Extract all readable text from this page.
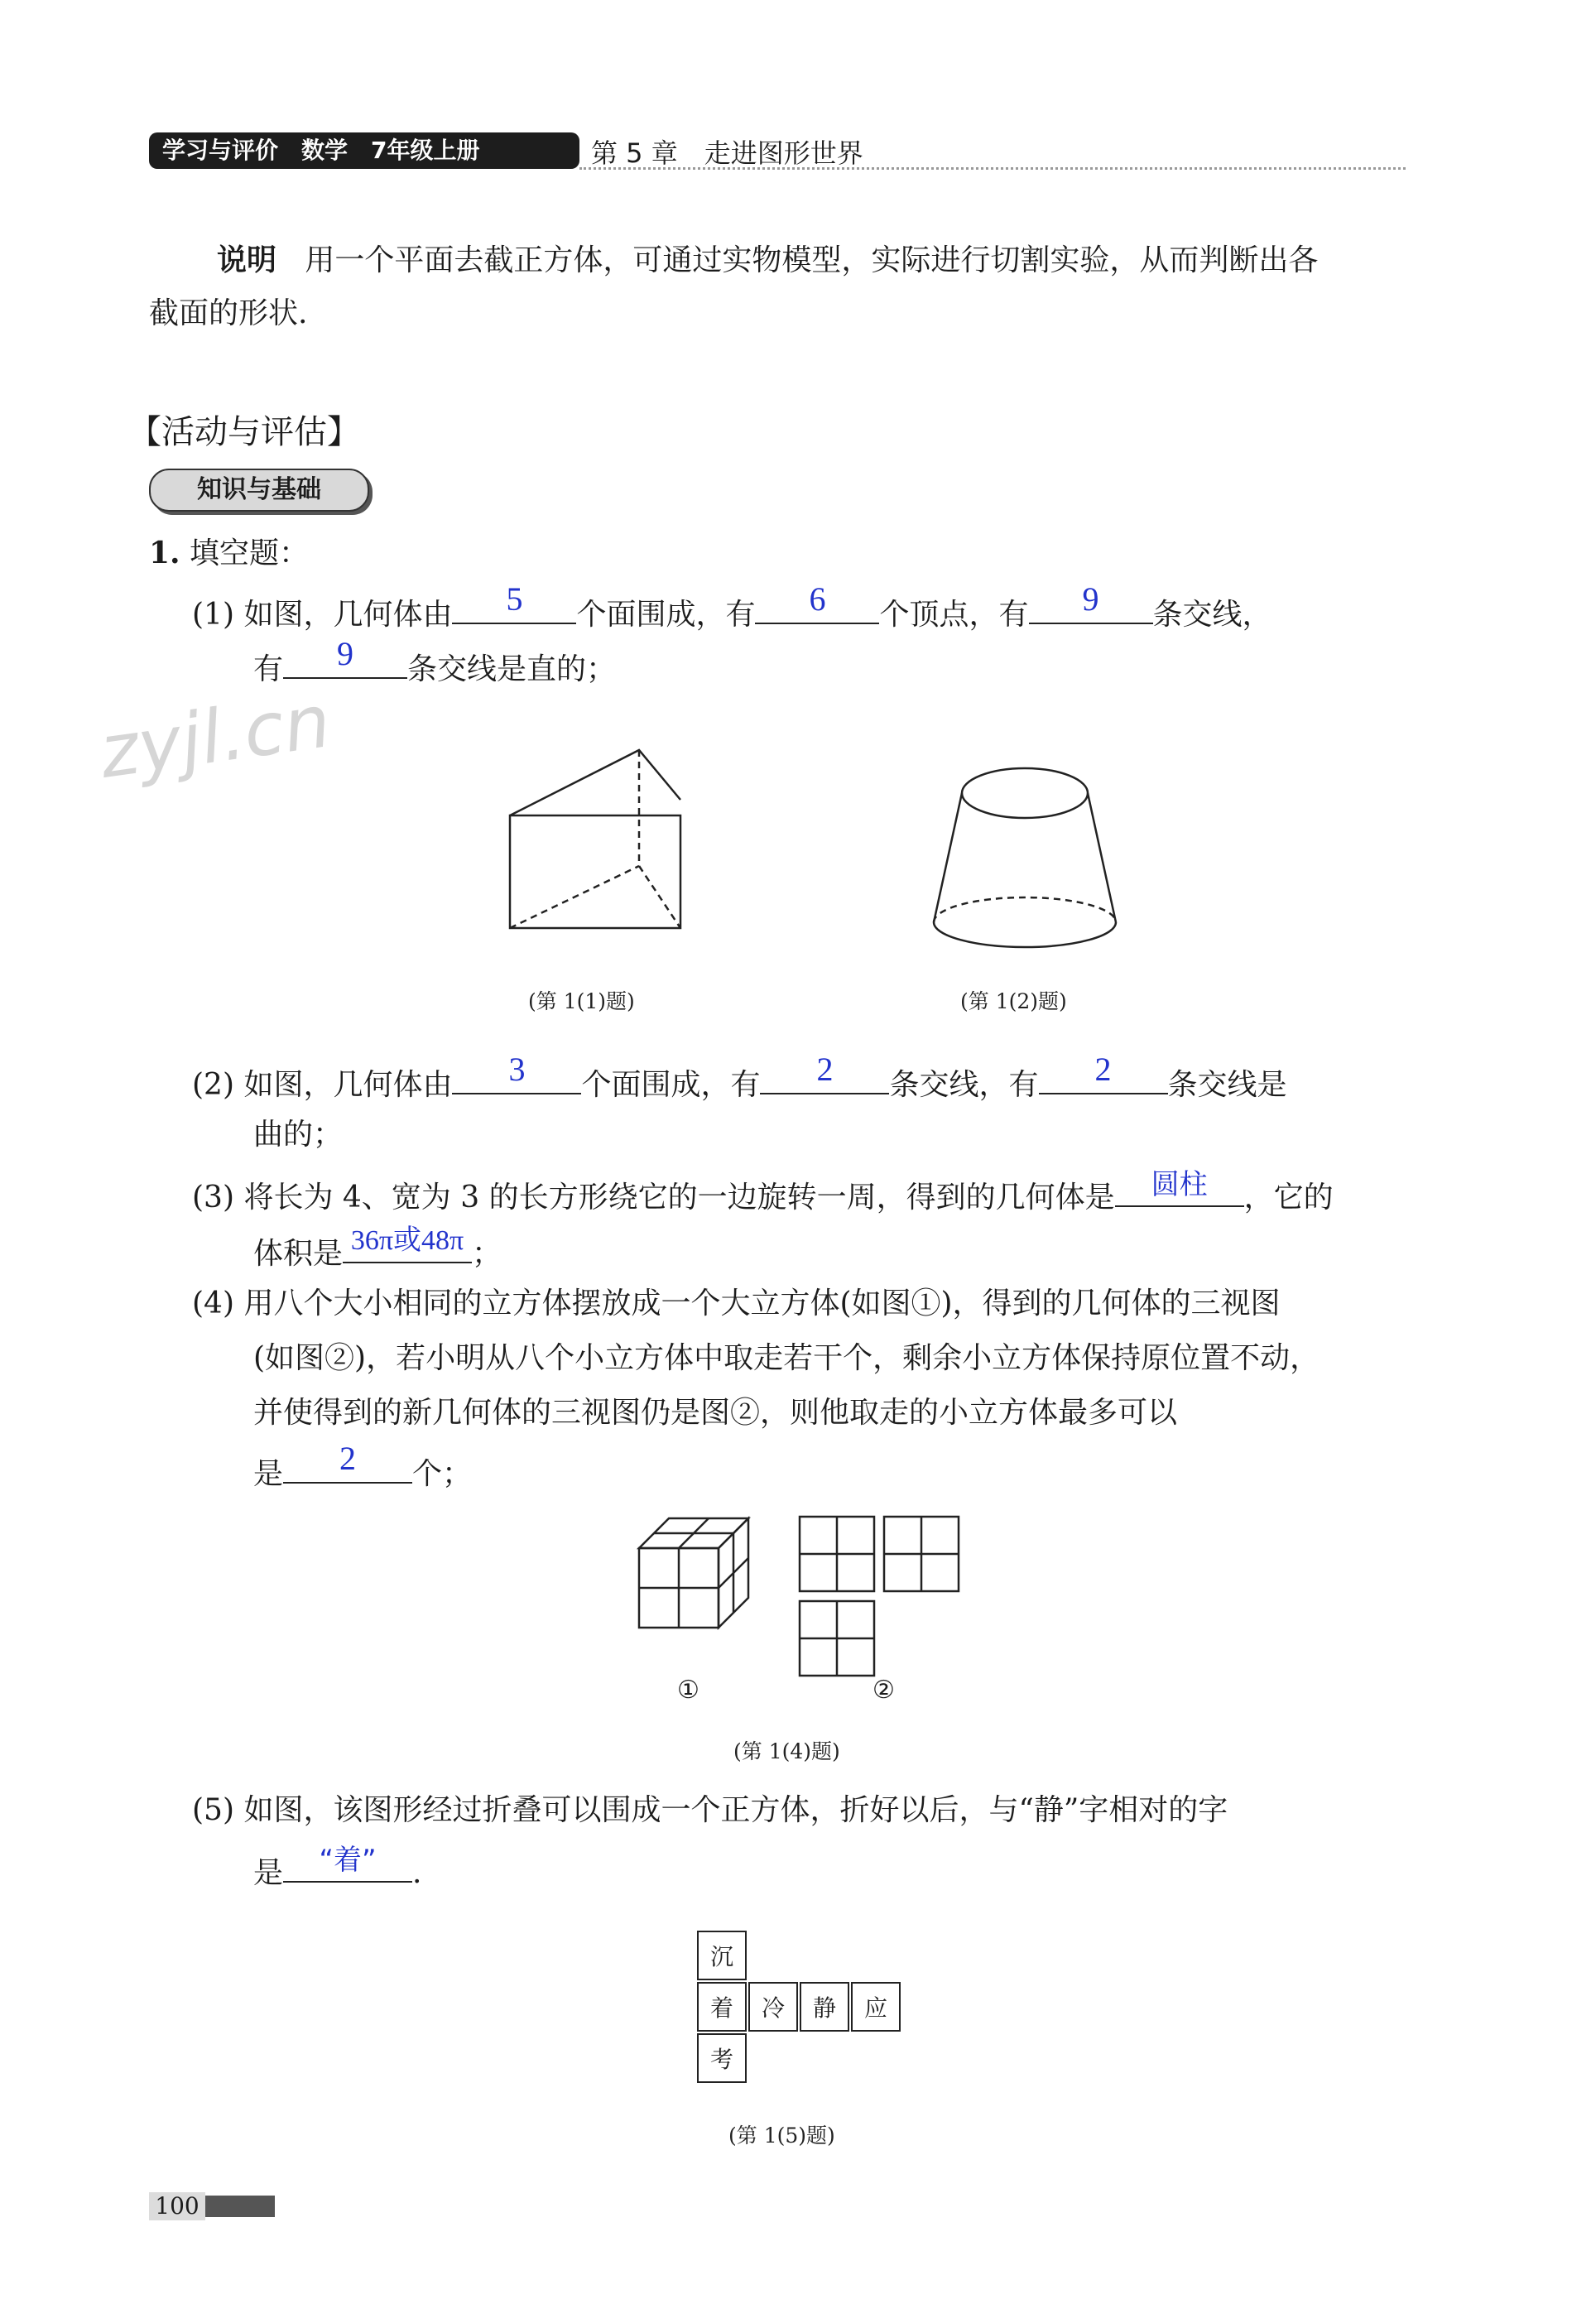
学习与评价　数学　7年级上册	第 5 章　走进图形世界
说明 用一个平面去截正方体，可通过实物模型，实际进行切割实验，从而判断出各
截面的形状.
【活动与评估】
知识与基础
zyjl.cn
1. 填空题：
(1) 如图，几何体由	5	个面围成，有	6	个顶点，有	9	条交线，
有	9	条交线是直的；
(第 1(1)题)	(第 1(2)题)
(2) 如图，几何体由	3	个面围成，有	2	条交线，有	2	条交线是
曲的；
(3) 将长为 4、宽为 3 的长方形绕它的一边旋转一周，得到的几何体是	圆柱	，它的
体积是 36π或48π ；
(4) 用八个大小相同的立方体摆放成一个大立方体(如图①)，得到的几何体的三视图
(如图②)，若小明从八个小立方体中取走若干个，剩余小立方体保持原位置不动，
并使得到的新几何体的三视图仍是图②，则他取走的小立方体最多可以
是	2	个；
①	②
(第 1(4)题)
(5) 如图，该图形经过折叠可以围成一个正方体，折好以后，与“静”字相对的字
是	“着”	.
沉
着	冷	静	应
考
(第 1(5)题)
100
